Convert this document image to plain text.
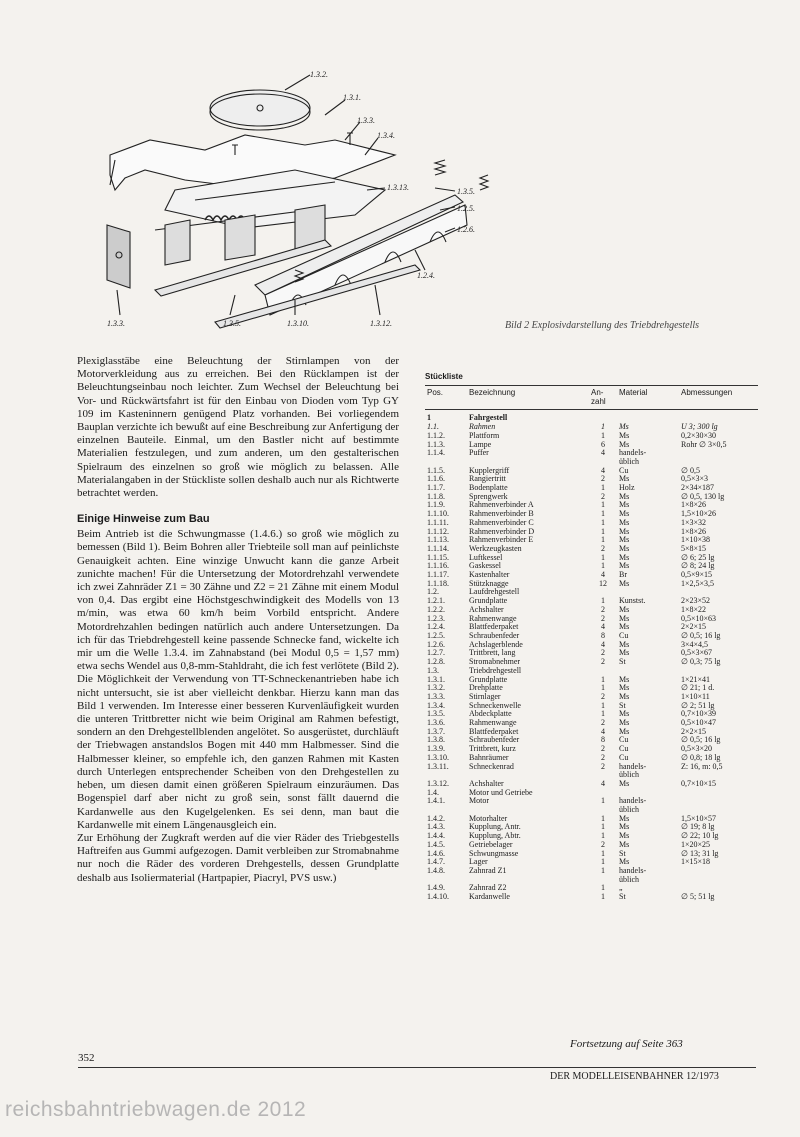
1.3.2.
1.3.1.
1.3.3.
1.3.4.
1.3.13.	1.3.5.
1.2.5.
1.2.6.
1.2.4.
1.3.3.	1.3.5.	1.3.10.	1.3.12.	Bild 2 Explosivdarstellung des Triebdrehgestells

Plexiglasstäbe eine Beleuchtung der Stirnlampen von der Motorverkleidung aus zu erreichen. Bei den Rücklampen ist der Beleuchtungseinbau noch leichter. Zum Wechsel der Beleuchtung bei Vor- und Rückwärtsfahrt ist für den Einbau von Dioden vom Typ GY 109 im Kasteninnern genügend Platz vorhanden. Bei vorliegendem Bauplan verzichte ich bewußt auf eine Beschreibung zur Anfertigung der einzelnen Bauteile. Einmal, um den Bastler nicht auf bestimmte Materialien festzulegen, und zum anderen, um den gestalterischen Spielraum des einzelnen so groß wie möglich zu belassen. Alle Materialangaben in der Stückliste sollen deshalb auch nur als Richtwerte betrachtet werden.

Einige Hinweise zum Bau

Beim Antrieb ist die Schwungmasse (1.4.6.) so groß wie möglich zu bemessen (Bild 1). Beim Bohren aller Triebteile soll man auf peinlichste Genauigkeit achten. Eine winzige Unwucht kann die ganze Arbeit zunichte machen! Für die Untersetzung der Motordrehzahl verwendete ich zwei Zahnräder Z1 = 30 Zähne und Z2 = 21 Zähne mit einem Modul von 0,4. Das ergibt eine Höchstgeschwindigkeit des Modells von 13 m/min, was etwa 60 km/h beim Vorbild entspricht. Andere Motordrehzahlen bedingen natürlich auch andere Untersetzungen. Da ich für das Triebdrehgestell keine passende Schnecke fand, wickelte ich mir um die Welle 1.3.4. im Zahnabstand (bei Modul 0,5 = 1,57 mm) etwa sechs Wendel aus 0,8-mm-Stahldraht, die ich fest verlötete (Bild 2). Die Möglichkeit der Verwendung von TT-Schneckenantrieben habe ich nicht untersucht, sie ist aber vielleicht denkbar. Hierzu kann man das Bild 1 verwenden. Im Interesse einer besseren Kurvenläufigkeit wurden die unteren Trittbretter nicht wie beim Original am Rahmen befestigt, sondern an den Drehgestellblenden angelötet. So ausgerüstet, durchläuft der Triebwagen anstandslos Bogen mit 440 mm Halbmesser. Sind die Halbmesser kleiner, so empfehle ich, den ganzen Rahmen mit Kasten durch Unterlegen entsprechender Scheiben von den Drehgestellen zu heben, um diesen damit einen größeren Spielraum einzuräumen. Das Bogenspiel darf aber nicht zu groß sein, sonst fällt dauernd die Kardanwelle aus den Kugelgelenken. Es sei denn, man baut die Kardanwelle mit einem Längenausgleich ein.

Zur Erhöhung der Zugkraft werden auf die vier Räder des Triebgestells Haftreifen aus Gummi aufgezogen. Damit verbleiben zur Stromabnahme nur noch die Räder des vorderen Drehgestells, dessen Grundplatte deshalb aus Isoliermaterial (Hartpapier, Piacryl, PVS usw.)

Stückliste
Pos.	Bezeichnung	An-
zahl	Material	Abmessungen
1	Fahrgestell			
1.1.	Rahmen	1	Ms	U 3; 300 lg
1.1.2.	Plattform	1	Ms	0,2×30×30
1.1.3.	Lampe	6	Ms	Rohr ∅ 3×0,5
1.1.4.	Puffer	4	handels-
üblich	
1.1.5.	Kupplergriff	4	Cu	∅ 0,5
1.1.6.	Rangiertritt	2	Ms	0,5×3×3
1.1.7.	Bodenplatte	1	Holz	2×34×187
1.1.8.	Sprengwerk	2	Ms	∅ 0,5, 130 lg
1.1.9.	Rahmenverbinder A	1	Ms	1×8×26
1.1.10.	Rahmenverbinder B	1	Ms	1,5×10×26
1.1.11.	Rahmenverbinder C	1	Ms	1×3×32
1.1.12.	Rahmenverbinder D	1	Ms	1×8×26
1.1.13.	Rahmenverbinder E	1	Ms	1×10×38
1.1.14.	Werkzeugkasten	2	Ms	5×8×15
1.1.15.	Luftkessel	1	Ms	∅ 6; 25 lg
1.1.16.	Gaskessel	1	Ms	∅ 8; 24 lg
1.1.17.	Kastenhalter	4	Br	0,5×9×15
1.1.18.	Stützknagge	12	Ms	1×2,5×3,5
1.2.	Laufdrehgestell			
1.2.1.	Grundplatte	1	Kunstst.	2×23×52
1.2.2.	Achshalter	2	Ms	1×8×22
1.2.3.	Rahmenwange	2	Ms	0,5×10×63
1.2.4.	Blattfederpaket	4	Ms	2×2×15
1.2.5.	Schraubenfeder	8	Cu	∅ 0,5; 16 lg
1.2.6.	Achslagerblende	4	Ms	3×4×4,5
1.2.7.	Trittbrett, lang	2	Ms	0,5×3×67
1.2.8.	Stromabnehmer	2	St	∅ 0,3; 75 lg
1.3.	Triebdrehgestell			
1.3.1.	Grundplatte	1	Ms	1×21×41
1.3.2.	Drehplatte	1	Ms	∅ 21; 1 d.
1.3.3.	Stirnlager	2	Ms	1×10×11
1.3.4.	Schneckenwelle	1	St	∅ 2; 51 lg
1.3.5.	Abdeckplatte	1	Ms	0,7×10×39
1.3.6.	Rahmenwange	2	Ms	0,5×10×47
1.3.7.	Blattfederpaket	4	Ms	2×2×15
1.3.8.	Schraubenfeder	8	Cu	∅ 0,5; 16 lg
1.3.9.	Trittbrett, kurz	2	Cu	0,5×3×20
1.3.10.	Bahnräumer	2	Cu	∅ 0,8; 18 lg
1.3.11.	Schneckenrad	2	handels-
üblich	Z: 16, m: 0,5
1.3.12.	Achshalter	4	Ms	0,7×10×15
1.4.	Motor und Getriebe			
1.4.1.	Motor	1	handels-
üblich	
1.4.2.	Motorhalter	1	Ms	1,5×10×57
1.4.3.	Kupplung, Antr.	1	Ms	∅ 19; 8 lg
1.4.4.	Kupplung, Abtr.	1	Ms	∅ 22; 10 lg
1.4.5.	Getriebelager	2	Ms	1×20×25
1.4.6.	Schwungmasse	1	St	∅ 13; 31 lg
1.4.7.	Lager	1	Ms	1×15×18
1.4.8.	Zahnrad Z1	1	handels-
üblich	
1.4.9.	Zahnrad Z2	1	„	
1.4.10.	Kardanwelle	1	St	∅ 5; 51 lg
Fortsetzung auf Seite 363
352
DER MODELLEISENBAHNER 12/1973
reichsbahntriebwagen.de 2012
